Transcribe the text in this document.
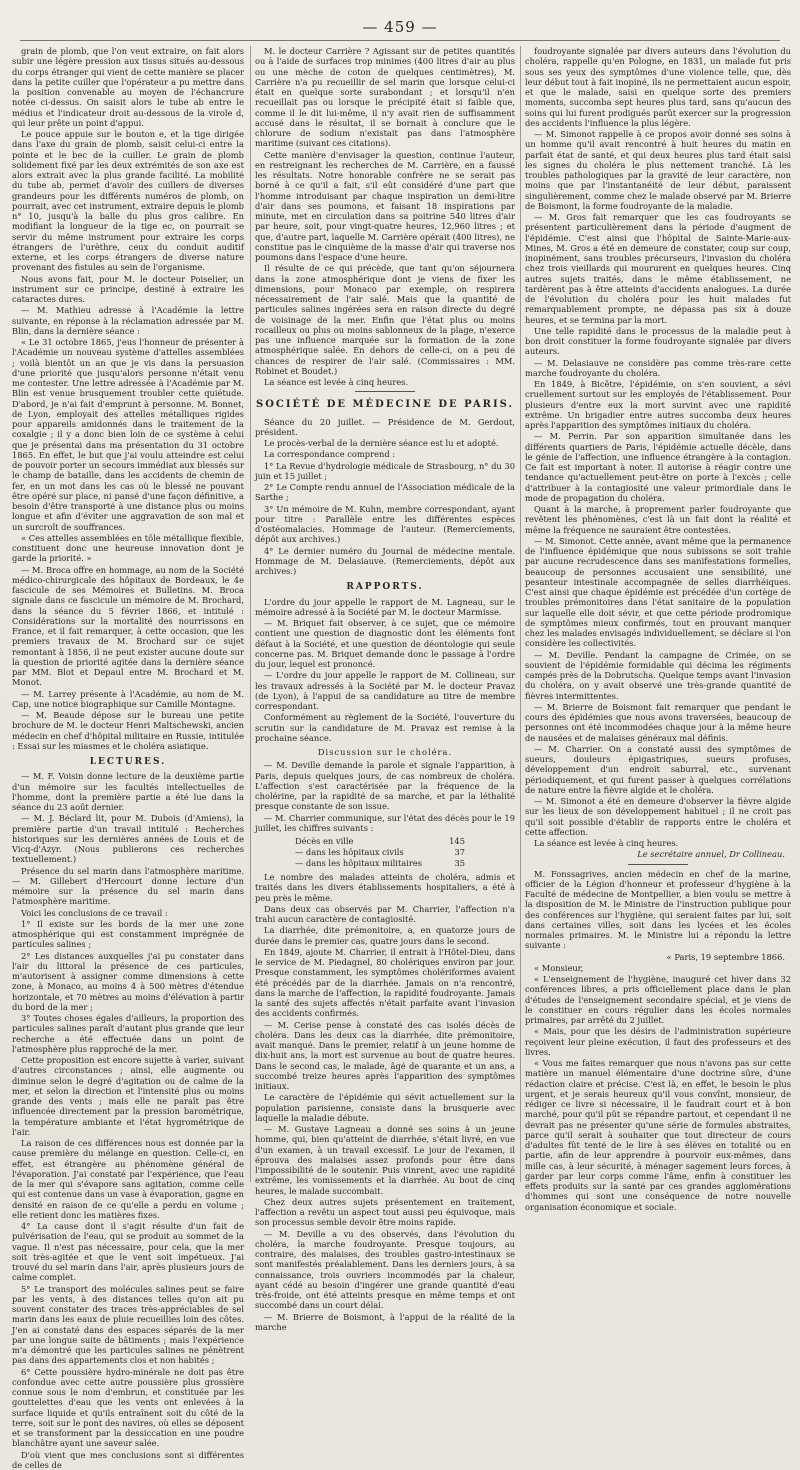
— 459 —

grain de plomb, que l'on veut extraire, on fait alors subir une légère pression aux tissus situés au-dessous du corps étranger qui vient de cette manière se placer dans la petite cuiller que l'opérateur a pu mettre dans la position convenable au moyen de l'échancrure notée ci-dessus. On saisit alors le tube ab entre le médius et l'indicateur droit au-dessous de la virole d, qui leur prête un point d'appui.

Le pouce appuie sur le bouton e, et la tige dirigée dans l'axe du grain de plomb, saisit celui-ci entre la pointe et le bec de la cuiller. Le grain de plomb solidement fixé par les deux extrémités de son axe est alors extrait avec la plus grande facilité. La mobilité du tube ab, permet d'avoir des cuillers de diverses grandeurs pour les différents numéros de plomb, on pourrait, avec cet instrument, extraire depuis le plomb n° 10, jusqu'à la balle du plus gros calibre. En modifiant la longueur de la tige ec, on pourrait se servir du même instrument pour extraire les corps étrangers de l'urèthre, ceux du conduit auditif externe, et les corps étrangers de diverse nature provenant des fistules au sein de l'organisme.

Nous avons fait, pour M. le docteur Poiselier, un instrument sur ce principe, destiné à extraire les cataractes dures.

— M. Mathieu adresse à l'Académie la lettre suivante, en réponse à la réclamation adressée par M. Blin, dans la dernière séance :

« Le 31 octobre 1865, j'eus l'honneur de présenter à l'Académie un nouveau système d'attelles assemblées ; voilà bientôt un an que je vis dans la persuasion d'une priorité que jusqu'alors personne n'était venu me contester. Une lettre adressée à l'Académie par M. Blin est venue brusquement troubler cette quiétude. D'abord, je n'ai fait d'emprunt à personne. M. Bonnet, de Lyon, employait des attelles métalliques rigides pour appareils amidonnés dans le traitement de la coxalgie ; il y a donc bien loin de ce système à celui que je présentai dans ma présentation du 31 octobre 1865. En effet, le but que j'ai voulu atteindre est celui de pouvoir porter un secours immédiat aux blessés sur le champ de bataille, dans les accidents de chemin de fer, en un mot dans les cas où le blessé ne pouvant être opéré sur place, ni pansé d'une façon définitive, a besoin d'être transporté à une distance plus ou moins longue et afin d'éviter une aggravation de son mal et un surcroît de souffrances.

« Ces attelles assemblées en tôle métallique flexible, constituent donc une heureuse innovation dont je garde la priorité. »

— M. Broca offre en hommage, au nom de la Société médico-chirurgicale des hôpitaux de Bordeaux, le 4e fascicule de ses Mémoires et Bulletins. M. Broca signale dans ce fascicule un mémoire de M. Brochard, dans la séance du 5 février 1866, et intitulé : Considérations sur la mortalité des nourrissons en France, et il fait remarquer, à cette occasion, que les premiers travaux de M. Brochard sur ce sujet remontant à 1856, il ne peut exister aucune doute sur la question de priorité agitée dans la dernière séance par MM. Blot et Depaul entre M. Brochard et M. Monot.

— M. Larrey présente à l'Académie, au nom de M. Cap, une notice biographique sur Camille Montagne.

— M. Beaude dépose sur le bureau une petite brochure de M. le docteur Henri Maltschewski, ancien médecin en chef d'hôpital militaire en Russie, intitulée : Essai sur les miasmes et le choléra asiatique.

LECTURES.

— M. F. Voisin donne lecture de la deuxième partie d'un mémoire sur les facultés intellectuelles de l'homme, dont la première partie a été lue dans la séance du 23 août dernier.

— M. J. Béclard lit, pour M. Dubois (d'Amiens), la première partie d'un travail intitulé : Recherches historiques sur les dernières années de Louis et de Vicq-d'Azyr. (Nous publierons ces recherches textuellement.)

Présence du sel marin dans l'atmosphère maritime. — M. Gillebert d'Hercourt donne lecture d'un mémoire sur la présence du sel marin dans l'atmosphère maritime.

Voici les conclusions de ce travail :

1° Il existe sur les bords de la mer une zone atmosphérique qui est constamment imprégnée de particules salines ;

2° Les distances auxquelles j'ai pu constater dans l'air du littoral la présence de ces particules, m'autorisent à assigner comme dimensions à cette zone, à Monaco, au moins 4 à 500 mètres d'étendue horizontale, et 70 mètres au moins d'élévation à partir du bord de la mer ;

3° Toutes choses égales d'ailleurs, la proportion des particules salines paraît d'autant plus grande que leur recherche a été effectuée dans un point de l'atmosphère plus rapproché de la mer.

Cette proposition est encore sujette à varier, suivant d'autres circonstances ; ainsi, elle augmente ou diminue selon le degré d'agitation ou de calme de la mer, et selon la direction et l'intensité plus ou moins grande des vents ; mais elle ne paraît pas être influencée directement par la pression barométrique, la température ambiante et l'état hygrométrique de l'air.

La raison de ces différences nous est donnée par la cause première du mélange en question. Celle-ci, en effet, est étrangère au phénomène général de l'évaporation. J'ai constaté par l'expérience, que l'eau de la mer qui s'évapore sans agitation, comme celle qui est contenue dans un vase à évaporation, gagne en densité en raison de ce qu'elle a perdu en volume ; elle retient donc les matières fixes.

4° La cause dont il s'agit résulte d'un fait de pulvérisation de l'eau, qui se produit au sommet de la vague. Il n'est pas nécessaire, pour cela, que la mer soit très-agitée et que le vent soit impétueux. J'ai trouvé du sel marin dans l'air, après plusieurs jours de calme complet.

5° Le transport des molécules salines peut se faire par les vents, à des distances telles qu'on ait pu souvent constater des traces très-appréciables de sel marin dans les eaux de pluie recueillies loin des côtes. J'en ai constaté dans des espaces séparés de la mer par une longue suite de bâtiments ; mais l'expérience m'a démontré que les particules salines ne pénètrent pas dans des appartements clos et non habités ;

6° Cette poussière hydro-minérale ne doit pas être confondue avec cette autre poussière plus grossière connue sous le nom d'embrun, et constituée par les gouttelettes d'eau que les vents ont enlevées à la surface liquide et qu'ils entraînent soit du côté de la terre, soit sur le pont des navires, où elles se déposent et se transforment par la dessiccation en une poudre blanchâtre ayant une saveur salée.

D'où vient que mes conclusions sont si différentes de celles de

M. le docteur Carrière ? Agissant sur de petites quantités ou à l'aide de surfaces trop minimes (400 litres d'air au plus ou une mèche de coton de quelques centimètres), M. Carrière n'a pu recueillir de sel marin que lorsque celui-ci était en quelque sorte surabondant ; et lorsqu'il n'en recueillait pas ou lorsque le précipité était si faible que, comme il le dit lui-même, il n'y avait rien de suffisamment accusé dans le résultat, il se bornait à conclure que le chlorure de sodium n'existait pas dans l'atmosphère maritime (suivant ces citations).

Cette manière d'envisager la question, continue l'auteur, en restreignant les recherches de M. Carrière, en a faussé les résultats. Notre honorable confrère ne se serait pas borné à ce qu'il a fait, s'il eût considéré d'une part que l'homme introduisant par chaque inspiration un demi-litre d'air dans ses poumons, et faisant 18 inspirations par minute, met en circulation dans sa poitrine 540 litres d'air par heure, soit, pour vingt-quatre heures, 12,960 litres ; et que, d'autre part, laquelle M. Carrière opérait (400 litres), ne constitue pas le cinquième de la masse d'air qui traverse nos poumons dans l'espace d'une heure.

Il résulte de ce qui précède, que tant qu'on séjournera dans la zone atmosphérique dont je viens de fixer les dimensions, pour Monaco par exemple, on respirera nécessairement de l'air salé. Mais que la quantité de particules salines ingérées sera en raison directe du degré de voisinage de la mer. Enfin que l'état plus ou moins rocailleux ou plus ou moins sablonneux de la plage, n'exerce pas une influence marquée sur la formation de la zone atmosphérique salée. En dehors de celle-ci, on a peu de chances de respirer de l'air salé. (Commissaires : MM. Robinet et Boudet.)

La séance est levée à cinq heures.

SOCIÉTÉ DE MÉDECINE DE PARIS.

Séance du 20 juillet. — Présidence de M. Gerdout, président.

Le procès-verbal de la dernière séance est lu et adopté.

La correspondance comprend :

1° La Revue d'hydrologie médicale de Strasbourg, n° du 30 juin et 15 juillet ;

2° Le Compte rendu annuel de l'Association médicale de la Sarthe ;

3° Un mémoire de M. Kuhn, membre correspondant, ayant pour titre : Parallèle entre les différentes espèces d'ostéomalacies. Hommage de l'auteur. (Remerciements, dépôt aux archives.)

4° Le dernier numéro du Journal de médecine mentale. Hommage de M. Delasiauve. (Remerciements, dépôt aux archives.)

RAPPORTS.

L'ordre du jour appelle le rapport de M. Lagneau, sur le mémoire adressé à la Société par M. le docteur Marmisse.

— M. Briquet fait observer, à ce sujet, que ce mémoire contient une question de diagnostic dont les éléments font défaut à la Société, et une question de déontologie qui seule concerne pas. M. Briquet demande donc le passage à l'ordre du jour, lequel est prononcé.

— L'ordre du jour appelle le rapport de M. Collineau, sur les travaux adressés à la Société par M. le docteur Pravaz (de Lyon), à l'appui de sa candidature au titre de membre correspondant.

Conformément au règlement de la Société, l'ouverture du scrutin sur la candidature de M. Pravaz est remise à la prochaine séance.

Discussion sur le choléra.

— M. Deville demande la parole et signale l'apparition, à Paris, depuis quelques jours, de cas nombreux de choléra. L'affection s'est caractérisée par la fréquence de la cholérine, par la rapidité de sa marche, et par la léthalité presque constante de son issue.

— M. Charrier communique, sur l'état des décès pour le 19 juillet, les chiffres suivants :

Décès en ville	145
— dans les hôpitaux civils	37
— dans les hôpitaux militaires	35

Le nombre des malades atteints de choléra, admis et traités dans les divers établissements hospitaliers, a été à peu près le même.

Dans deux cas observés par M. Charrier, l'affection n'a trahi aucun caractère de contagiosité.

La diarrhée, dite prémonitoire, a, en quatorze jours de durée dans le premier cas, quatre jours dans le second.

En 1849, ajoute M. Charrier, il entrait à l'Hôtel-Dieu, dans le service de M. Piedagnel, 80 cholériques environ par jour. Presque constamment, les symptômes cholériformes avaient été précédés par de la diarrhée. Jamais on n'a rencontré, dans la marche de l'affection, la rapidité foudroyante. Jamais la santé des sujets affectés n'était parfaite avant l'invasion des accidents confirmés.

— M. Cerise pense à constaté des cas isolés décès de choléra. Dans les deux cas la diarrhée, dite prémonitoire, avait manqué. Dans le premier, relatif à un jeune homme de dix-huit ans, la mort est survenue au bout de quatre heures. Dans le second cas, le malade, âgé de quarante et un ans, a succombé treize heures après l'apparition des symptômes initiaux.

Le caractère de l'épidémie qui sévit actuellement sur la population parisienne, consiste dans la brusquerie avec laquelle la maladie débute.

— M. Gustave Lagneau a donné ses soins à un jeune homme, qui, bien qu'atteint de diarrhée, s'était livré, en vue d'un examen, à un travail excessif. Le jour de l'examen, il éprouva des malaises assez profonds pour être dans l'impossibilité de le soutenir. Puis vinrent, avec une rapidité extrême, les vomissements et la diarrhée. Au bout de cinq heures, le malade succombait.

Chez deux autres sujets présentement en traitement, l'affection a revêtu un aspect tout aussi peu équivoque, mais son processus semble devoir être moins rapide.

— M. Deville a vu des observés, dans l'évolution du choléra, la marche foudroyante. Presque toujours, au contraire, des malaises, des troubles gastro-intestinaux se sont manifestés préalablement. Dans les derniers jours, à sa connaissance, trois ouvriers incommodés par la chaleur, ayant cédé au besoin d'ingérer une grande quantité d'eau très-froide, ont été atteints presque en même temps et ont succombé dans un court délai.

— M. Brierre de Boismont, à l'appui de la réalité de la marche

foudroyante signalée par divers auteurs dans l'évolution du choléra, rappelle qu'en Pologne, en 1831, un malade fut pris sous ses yeux des symptômes d'une violence telle, que, dès leur début tout à fait inopiné, ils ne permettaient aucun espoir, et que le malade, saisi en quelque sorte des premiers moments, succomba sept heures plus tard, sans qu'aucun des soins qui lui furent prodigués parût exercer sur la progression des accidents l'influence la plus légère.

— M. Simonot rappelle à ce propos avoir donné ses soins à un homme qu'il avait rencontré à huit heures du matin en parfait état de santé, et qui deux heures plus tard était saisi les signes du choléra le plus nettement tranché. Là les troubles pathologiques par la gravité de leur caractère, non moins que par l'instantanéité de leur début, paraissent singulièrement, comme chez le malade observé par M. Brierre de Boismont, la forme foudroyante de la maladie.

— M. Gros fait remarquer que les cas foudroyants se présentent particulièrement dans la période d'augment de l'épidémie. C'est ainsi que l'hôpital de Sainte-Marie-aux-Mines, M. Gros a été en demeure de constater, coup sur coup, inopinément, sans troubles précurseurs, l'invasion du choléra chez trois vieillards qui moururent en quelques heures. Cinq autres sujets traités, dans le même établissement, ne tardèrent pas à être atteints d'accidents analogues. La durée de l'évolution du choléra pour les huit malades fut remarquablement prompte, ne dépassa pas six à douze heures, et se termina par la mort.

Une telle rapidité dans le processus de la maladie peut à bon droit constituer la forme foudroyante signalée par divers auteurs.

— M. Delasiauve ne considère pas comme très-rare cette marche foudroyante du choléra.

En 1849, à Bicêtre, l'épidémie, on s'en souvient, a sévi cruellement surtout sur les employés de l'établissement. Pour plusieurs d'entre eux la mort survint avec une rapidité extrême. Un brigadier entre autres succomba deux heures après l'apparition des symptômes initiaux du choléra.

— M. Perrin. Par son apparition simultanée dans les différents quartiers de Paris, l'épidémie actuelle décèle, dans le génie de l'affection, une influence étrangère à la contagion. Ce fait est important à noter. Il autorise à réagir contre une tendance qu'actuellement peut-être on porte à l'excès ; celle d'attribuer à la contagiosité une valeur primordiale dans le mode de propagation du choléra.

Quant à la marche, à proprement parler foudroyante que revêtent les phénomènes, c'est là un fait dont la réalité et même la fréquence ne sauraient être contestées.

— M. Simonot. Cette année, avant même que la permanence de l'influence épidémique que nous subissons se soit trahie par aucune recrudescence dans ses manifestations formelles, beaucoup de personnes accusaient une sensibilité, une pesanteur intestinale accompagnée de selles diarrhéiques. C'est ainsi que chaque épidémie est précédée d'un cortège de troubles prémonitoires dans l'état sanitaire de la population sur laquelle elle doit sévir, et que cette période prodromique de symptômes mieux confirmés, tout en prouvant manquer chez les malades envisagés individuellement, se déclare si l'on considère les collectivités.

— M. Deville. Pendant la campagne de Crimée, on se souvient de l'épidémie formidable qui décima les régiments campés près de la Dobrutscha. Quelque temps avant l'invasion du choléra, on y avait observé une très-grande quantité de fièvres intermittentes.

— M. Brierre de Boismont fait remarquer que pendant le cours des épidémies que nous avons traversées, beaucoup de personnes ont été incommodées chaque jour à la même heure de nausées et de malaises généraux mal définis.

— M. Charrier. On a constaté aussi des symptômes de sueurs, douleurs épigastriques, sueurs profuses, développement d'un endroit saburral, etc., survenant périodiquement, et qui furent passer à quelques corrélations de nature entre la fièvre algide et le choléra.

— M. Simonot a été en demeure d'observer la fièvre algide sur les lieux de son développement habituel ; il ne croit pas qu'il soit possible d'établir de rapports entre le choléra et cette affection.

La séance est levée à cinq heures.

Le secrétaire annuel, Dr Collineau.

M. Fonssagrives, ancien médecin en chef de la marine, officier de la Légion d'honneur et professeur d'hygiène à la Faculté de médecine de Montpellier, a bien voulu se mettre à la disposition de M. le Ministre de l'instruction publique pour des conférences sur l'hygiène, qui seraient faites par lui, soit dans certaines villes, soit dans les lycées et les écoles normales primaires. M. le Ministre lui a répondu la lettre suivante :

« Paris, 19 septembre 1866.

« Monsieur,

« L'enseignement de l'hygiène, inauguré cet hiver dans 32 conférences libres, a pris officiellement place dans le plan d'études de l'enseignement secondaire spécial, et je viens de le constituer en cours régulier dans les écoles normales primaires, par arrêté du 2 juillet.

« Mais, pour que les désirs de l'administration supérieure reçoivent leur pleine exécution, il faut des professeurs et des livres.

« Vous me faites remarquer que nous n'avons pas sur cette matière un manuel élémentaire d'une doctrine sûre, d'une rédaction claire et précise. C'est là, en effet, le besoin le plus urgent, et je serais heureux qu'il vous convînt, monsieur, de rédiger ce livre si nécessaire, il le faudrait court et à bon marché, pour qu'il pût se répandre partout, et cependant il ne devrait pas ne présenter qu'une série de formules abstraites, parce qu'il serait à souhaiter que tout directeur de cours d'adultes fût tenté de le lire à ses élèves en totalité ou en partie, afin de leur apprendre à pourvoir eux-mêmes, dans mille cas, à leur sécurité, à ménager sagement leurs forces, à garder par leur corps comme l'âme, enfin à constituer les effets produits sur la santé par ces grandes agglomérations d'hommes qui sont une conséquence de notre nouvelle organisation économique et sociale.
